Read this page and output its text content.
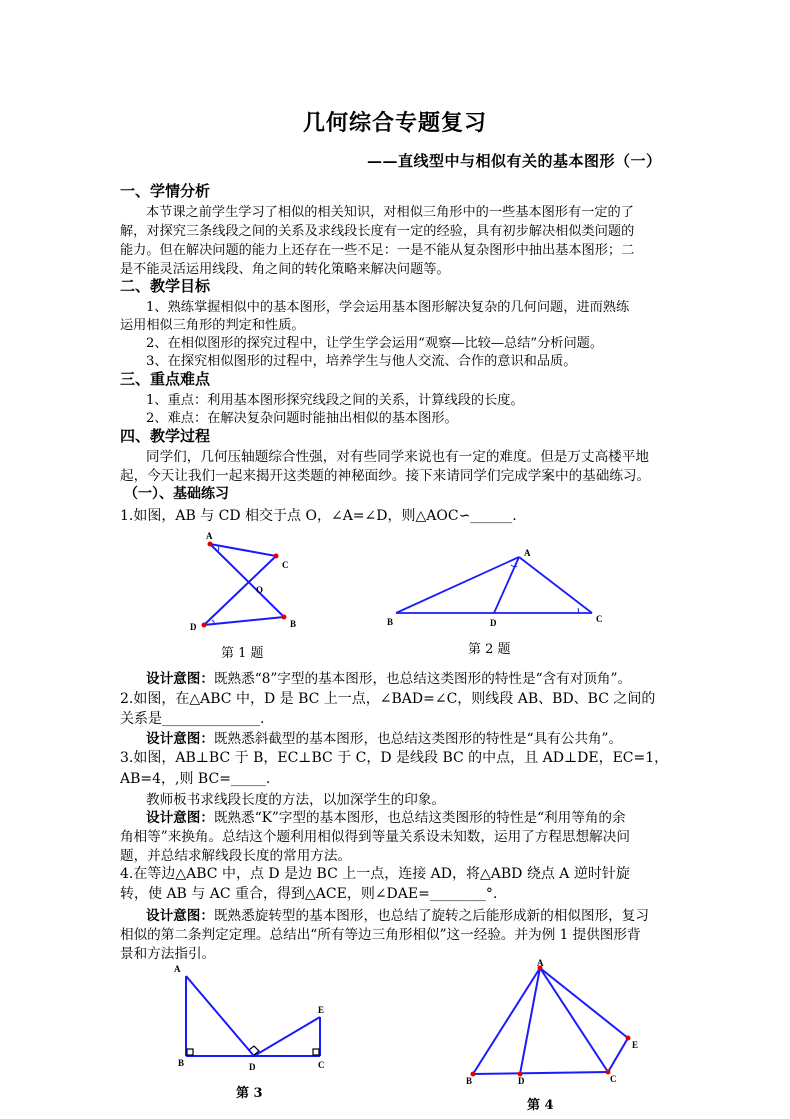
几何综合专题复习
——直线型中与相似有关的基本图形（一）
一、学情分析
本节课之前学生学习了相似的相关知识，对相似三角形中的一些基本图形有一定的了
解，对探究三条线段之间的关系及求线段长度有一定的经验，具有初步解决相似类问题的
能力。但在解决问题的能力上还存在一些不足：一是不能从复杂图形中抽出基本图形；二
是不能灵活运用线段、角之间的转化策略来解决问题等。
二、教学目标
1、熟练掌握相似中的基本图形，学会运用基本图形解决复杂的几何问题，进而熟练
运用相似三角形的判定和性质。
2、在相似图形的探究过程中，让学生学会运用“观察—比较—总结”分析问题。
3、在探究相似图形的过程中，培养学生与他人交流、合作的意识和品质。
三、重点难点
1、重点：利用基本图形探究线段之间的关系，计算线段的长度。
2、难点：在解决复杂问题时能抽出相似的基本图形。
四、教学过程
同学们，几何压轴题综合性强，对有些同学来说也有一定的难度。但是万丈高楼平地
起，今天让我们一起来揭开这类题的神秘面纱。接下来请同学们完成学案中的基础练习。
（一）、基础练习
1.如图，AB 与 CD 相交于点 O，∠A=∠D，则△AOC∽______.
A
C
O
D	B
第 1 题
A
B	D	C
第 2 题
设计意图：既熟悉“8”字型的基本图形，也总结这类图形的特性是“含有对顶角”。
2.如图，在△ABC 中，D 是 BC 上一点，∠BAD=∠C，则线段 AB、BD、BC 之间的
关系是______________.
设计意图：既熟悉斜截型的基本图形，也总结这类图形的特性是“具有公共角”。
3.如图，AB⊥BC 于 B，EC⊥BC 于 C，D 是线段 BC 的中点，且 AD⊥DE，EC=1，
AB=4，,则 BC=_____.
教师板书求线段长度的方法，以加深学生的印象。
设计意图：既熟悉“K”字型的基本图形，也总结这类图形的特性是“利用等角的余
角相等”来换角。总结这个题利用相似得到等量关系设未知数，运用了方程思想解决问
题，并总结求解线段长度的常用方法。
4.在等边△ABC 中，点 D 是边 BC 上一点，连接 AD，将△ABD 绕点 A 逆时针旋
转，使 AB 与 AC 重合，得到△ACE，则∠DAE=________°.
设计意图：既熟悉旋转型的基本图形，也总结了旋转之后能形成新的相似图形，复习
相似的第二条判定定理。总结出“所有等边三角形相似”这一经验。并为例 1 提供图形背
景和方法指引。
A
E
B	D	C
第 3
A
E
B	D	C
第 4
